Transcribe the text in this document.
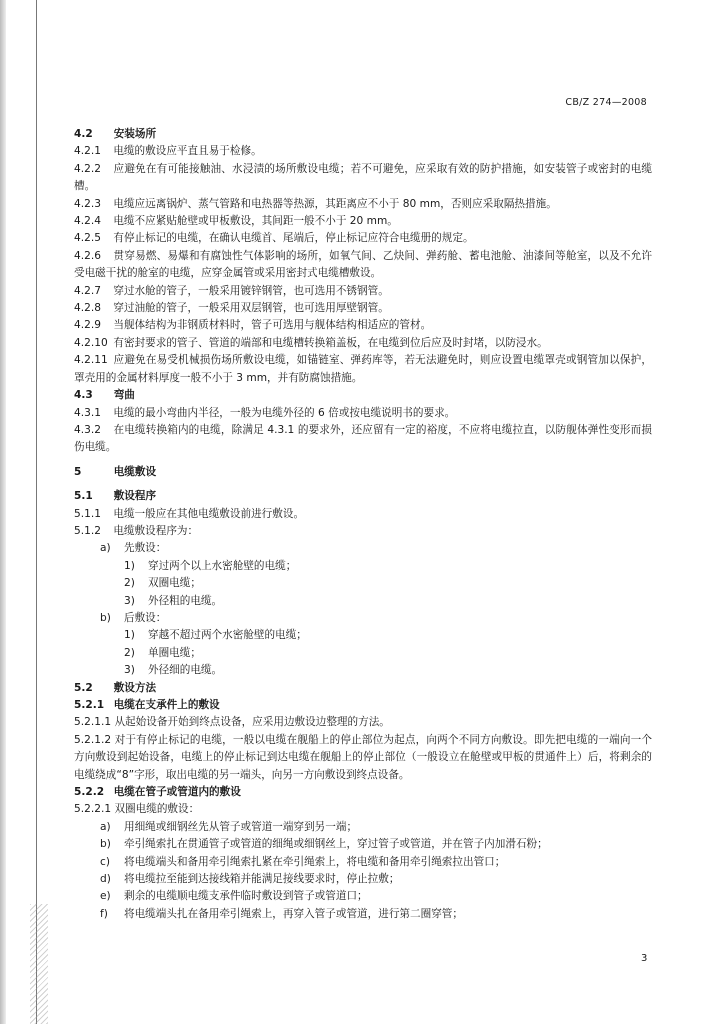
CB/Z 274—2008
4.2 安装场所
4.2.1 电缆的敷设应平直且易于检修。
4.2.2 应避免在有可能接触油、水浸渍的场所敷设电缆；若不可避免，应采取有效的防护措施，如安装管子或密封的电缆槽。
4.2.3 电缆应远离锅炉、蒸气管路和电热器等热源，其距离应不小于 80 mm，否则应采取隔热措施。
4.2.4 电缆不应紧贴舱壁或甲板敷设，其间距一般不小于 20 mm。
4.2.5 有停止标记的电缆，在确认电缆首、尾端后，停止标记应符合电缆册的规定。
4.2.6 贯穿易燃、易爆和有腐蚀性气体影响的场所，如氧气间、乙炔间、弹药舱、蓄电池舱、油漆间等舱室，以及不允许受电磁干扰的舱室的电缆，应穿金属管或采用密封式电缆槽敷设。
4.2.7 穿过水舱的管子，一般采用镀锌钢管，也可选用不锈钢管。
4.2.8 穿过油舱的管子，一般采用双层钢管，也可选用厚壁钢管。
4.2.9 当舰体结构为非钢质材料时，管子可选用与舰体结构相适应的管材。
4.2.10 有密封要求的管子、管道的端部和电缆槽转换箱盖板，在电缆到位后应及时封堵，以防浸水。
4.2.11 应避免在易受机械损伤场所敷设电缆，如锚链室、弹药库等，若无法避免时，则应设置电缆罩壳或钢管加以保护，罩壳用的金属材料厚度一般不小于 3 mm，并有防腐蚀措施。
4.3 弯曲
4.3.1 电缆的最小弯曲内半径，一般为电缆外径的 6 倍或按电缆说明书的要求。
4.3.2 在电缆转换箱内的电缆，除满足 4.3.1 的要求外，还应留有一定的裕度，不应将电缆拉直，以防舰体弹性变形而损伤电缆。
5	电缆敷设
5.1 敷设程序
5.1.1 电缆一般应在其他电缆敷设前进行敷设。
5.1.2 电缆敷设程序为：
a) 先敷设：
1) 穿过两个以上水密舱壁的电缆；
2) 双圈电缆；
3) 外径粗的电缆。
b) 后敷设：
1) 穿越不超过两个水密舱壁的电缆；
2) 单圈电缆；
3) 外径细的电缆。
5.2 敷设方法
5.2.1 电缆在支承件上的敷设
5.2.1.1 从起始设备开始到终点设备，应采用边敷设边整理的方法。
5.2.1.2 对于有停止标记的电缆，一般以电缆在舰船上的停止部位为起点，向两个不同方向敷设。即先把电缆的一端向一个方向敷设到起始设备，电缆上的停止标记到达电缆在舰船上的停止部位（一般设立在舱壁或甲板的贯通件上）后，将剩余的电缆绕成“8”字形，取出电缆的另一端头，向另一方向敷设到终点设备。
5.2.2 电缆在管子或管道内的敷设
5.2.2.1 双圈电缆的敷设：
a) 用细绳或细钢丝先从管子或管道一端穿到另一端；
b) 牵引绳索扎在贯通管子或管道的细绳或细钢丝上，穿过管子或管道，并在管子内加滑石粉；
c) 将电缆端头和备用牵引绳索扎紧在牵引绳索上，将电缆和备用牵引绳索拉出管口；
d) 将电缆拉至能到达接线箱并能满足接线要求时，停止拉敷；
e) 剩余的电缆顺电缆支承件临时敷设到管子或管道口；
f) 将电缆端头扎在备用牵引绳索上，再穿入管子或管道，进行第二圈穿管；
3
